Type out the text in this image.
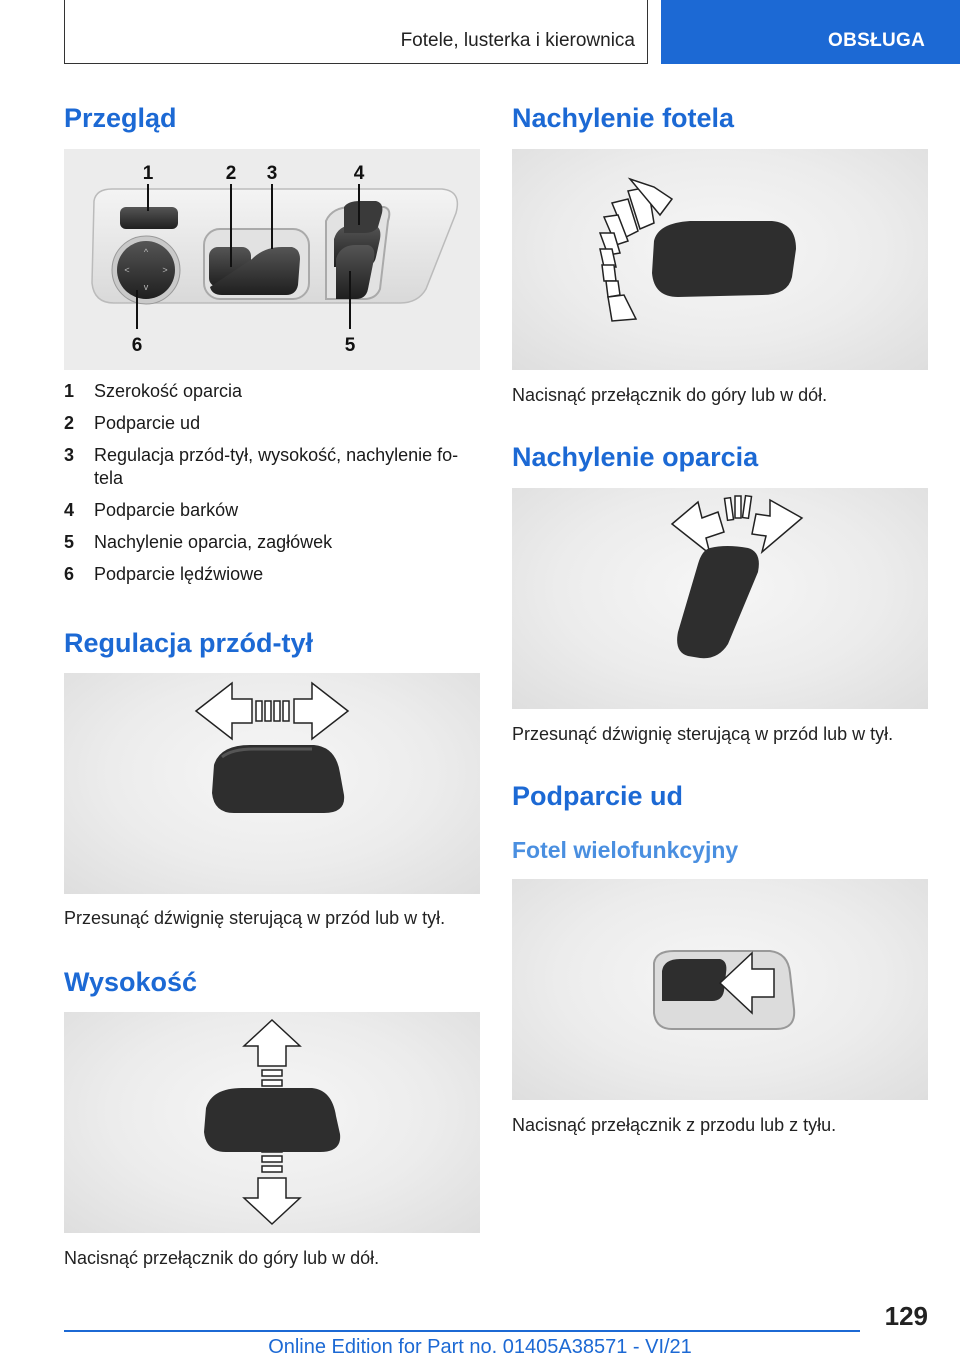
Fotele, lusterka i kierownica	OBSŁUGA
Przegląd
^
v
<	>
1	2 3	4
5
6
1 Szerokość oparcia
2 Podparcie ud
3 Regulacja przód-tył, wysokość, nachylenie fo-
tela
4 Podparcie barków
5 Nachylenie oparcia, zagłówek
6 Podparcie lędźwiowe
Regulacja przód-tył
Przesunąć dźwignię sterującą w przód lub w tył.
Wysokość
Nacisnąć przełącznik do góry lub w dół.
Nachylenie fotela
Nacisnąć przełącznik do góry lub w dół.
Nachylenie oparcia
Przesunąć dźwignię sterującą w przód lub w tył.
Podparcie ud
Fotel wielofunkcyjny
Nacisnąć przełącznik z przodu lub z tyłu.
129
Online Edition for Part no. 01405A38571 - VI/21
